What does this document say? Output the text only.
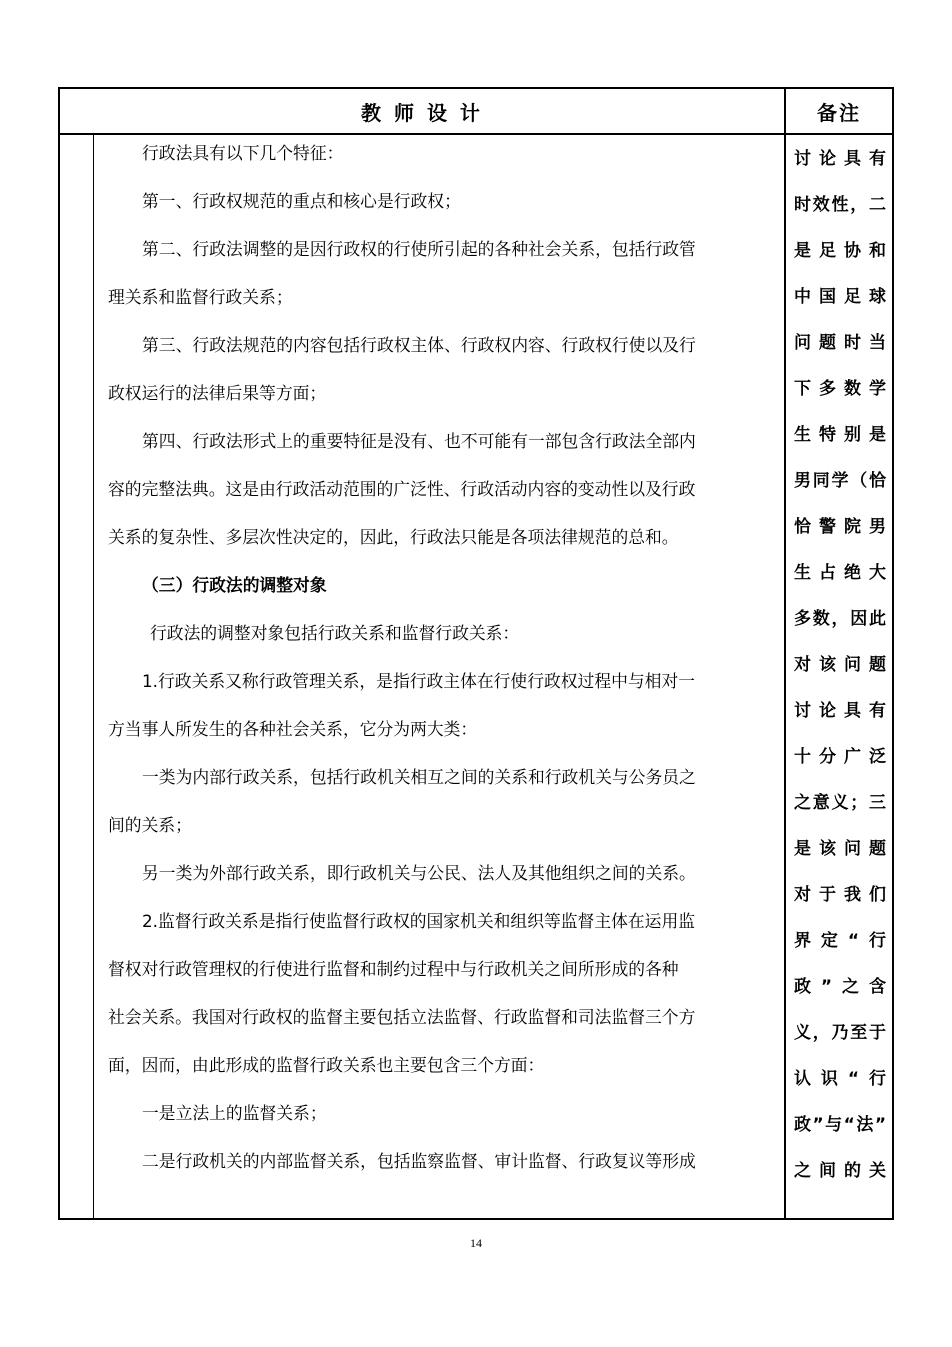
教 师 设 计	备注
行政法具有以下几个特征：
第一、行政权规范的重点和核心是行政权；
第二、行政法调整的是因行政权的行使所引起的各种社会关系，包括行政管
理关系和监督行政关系；
第三、行政法规范的内容包括行政权主体、行政权内容、行政权行使以及行
政权运行的法律后果等方面；
第四、行政法形式上的重要特征是没有、也不可能有一部包含行政法全部内
容的完整法典。这是由行政活动范围的广泛性、行政活动内容的变动性以及行政
关系的复杂性、多层次性决定的，因此，行政法只能是各项法律规范的总和。
（三）行政法的调整对象
行政法的调整对象包括行政关系和监督行政关系：
1.行政关系又称行政管理关系，是指行政主体在行使行政权过程中与相对一
方当事人所发生的各种社会关系，它分为两大类：
一类为内部行政关系，包括行政机关相互之间的关系和行政机关与公务员之
间的关系；
另一类为外部行政关系，即行政机关与公民、法人及其他组织之间的关系。
2.监督行政关系是指行使监督行政权的国家机关和组织等监督主体在运用监
督权对行政管理权的行使进行监督和制约过程中与行政机关之间所形成的各种
社会关系。我国对行政权的监督主要包括立法监督、行政监督和司法监督三个方
面，因而，由此形成的监督行政关系也主要包含三个方面：
一是立法上的监督关系；
二是行政机关的内部监督关系，包括监察监督、审计监督、行政复议等形成
讨论具有
时效性，二
是足协和
中国足球
问题时当
下多数学
生特别是
男同学（恰
恰警院男
生占绝大
多数，因此
对该问题
讨论具有
十分广泛
之意义；三
是该问题
对于我们
界定“行
政”之含
义，乃至于
认识“行
政”与“法”
之间的关
14
